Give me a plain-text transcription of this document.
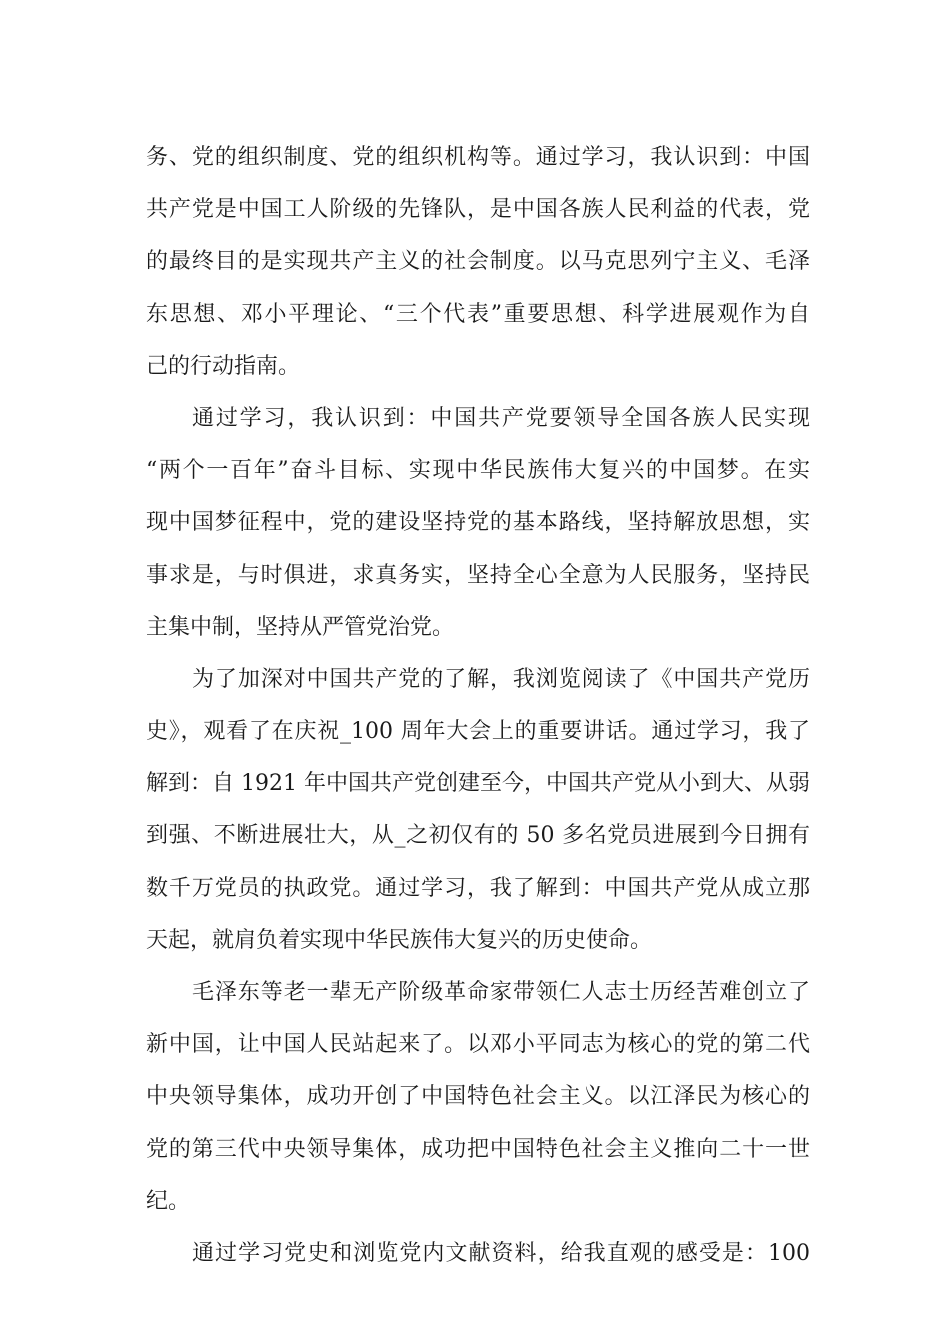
务、党的组织制度、党的组织机构等。通过学习，我认识到：中国
共产党是中国工人阶级的先锋队，是中国各族人民利益的代表，党
的最终目的是实现共产主义的社会制度。以马克思列宁主义、毛泽
东思想、邓小平理论、“三个代表”重要思想、科学进展观作为自
己的行动指南。
通过学习，我认识到：中国共产党要领导全国各族人民实现
“两个一百年”奋斗目标、实现中华民族伟大复兴的中国梦。在实
现中国梦征程中，党的建设坚持党的基本路线，坚持解放思想，实
事求是，与时俱进，求真务实，坚持全心全意为人民服务，坚持民
主集中制，坚持从严管党治党。
为了加深对中国共产党的了解，我浏览阅读了《中国共产党历
史》，观看了在庆祝_100 周年大会上的重要讲话。通过学习，我了
解到：自 1921 年中国共产党创建至今，中国共产党从小到大、从弱
到强、不断进展壮大，从_之初仅有的 50 多名党员进展到今日拥有
数千万党员的执政党。通过学习，我了解到：中国共产党从成立那
天起，就肩负着实现中华民族伟大复兴的历史使命。
毛泽东等老一辈无产阶级革命家带领仁人志士历经苦难创立了
新中国，让中国人民站起来了。以邓小平同志为核心的党的第二代
中央领导集体，成功开创了中国特色社会主义。以江泽民为核心的
党的第三代中央领导集体，成功把中国特色社会主义推向二十一世
纪。
通过学习党史和浏览党内文献资料，给我直观的感受是：100
